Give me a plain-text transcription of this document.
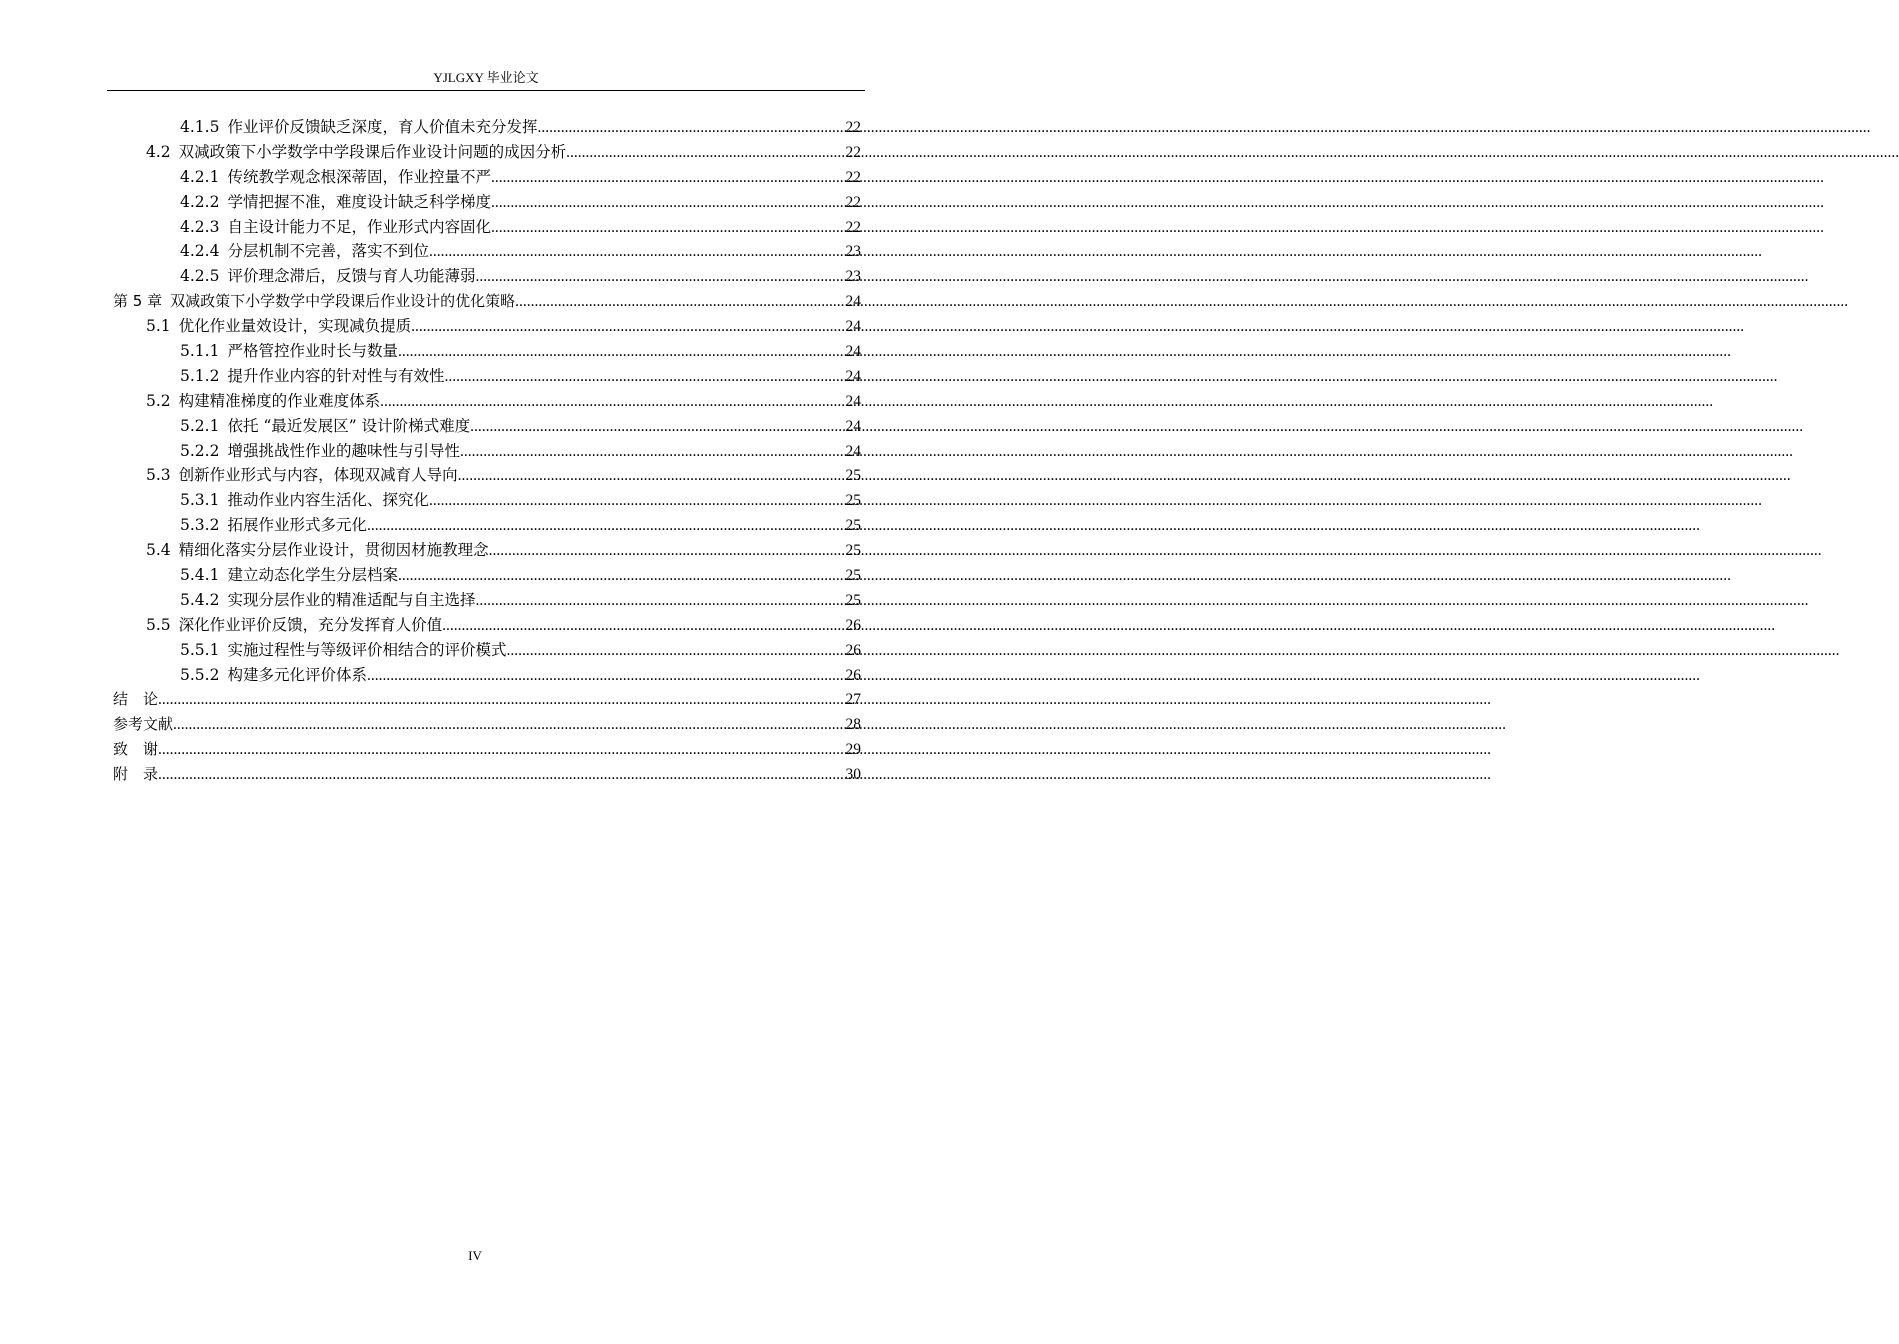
YJLGXY 毕业论文
4.1.5 作业评价反馈缺乏深度，育人价值未充分发挥 .....	22
4.2 双减政策下小学数学中学段课后作业设计问题的成因分析 .....	22
4.2.1 传统教学观念根深蒂固，作业控量不严 .....	22
4.2.2 学情把握不准，难度设计缺乏科学梯度 .....	22
4.2.3 自主设计能力不足，作业形式内容固化 .....	22
4.2.4 分层机制不完善，落实不到位 .....	23
4.2.5 评价理念滞后，反馈与育人功能薄弱 .....	23
第 5 章 双减政策下小学数学中学段课后作业设计的优化策略 .....	24
5.1 优化作业量效设计，实现减负提质 .....	24
5.1.1 严格管控作业时长与数量 .....	24
5.1.2 提升作业内容的针对性与有效性 .....	24
5.2 构建精准梯度的作业难度体系 .....	24
5.2.1 依托 “最近发展区” 设计阶梯式难度 .....	24
5.2.2 增强挑战性作业的趣味性与引导性 .....	24
5.3 创新作业形式与内容，体现双减育人导向 .....	25
5.3.1 推动作业内容生活化、探究化 .....	25
5.3.2 拓展作业形式多元化 .....	25
5.4 精细化落实分层作业设计，贯彻因材施教理念 .....	25
5.4.1 建立动态化学生分层档案 .....	25
5.4.2 实现分层作业的精准适配与自主选择 .....	25
5.5 深化作业评价反馈，充分发挥育人价值 .....	26
5.5.1 实施过程性与等级评价相结合的评价模式 .....	26
5.5.2 构建多元化评价体系 .....	26
结　论 .....	27
参考文献 .....	28
致　谢 .....	29
附　录 .....	30
IV
